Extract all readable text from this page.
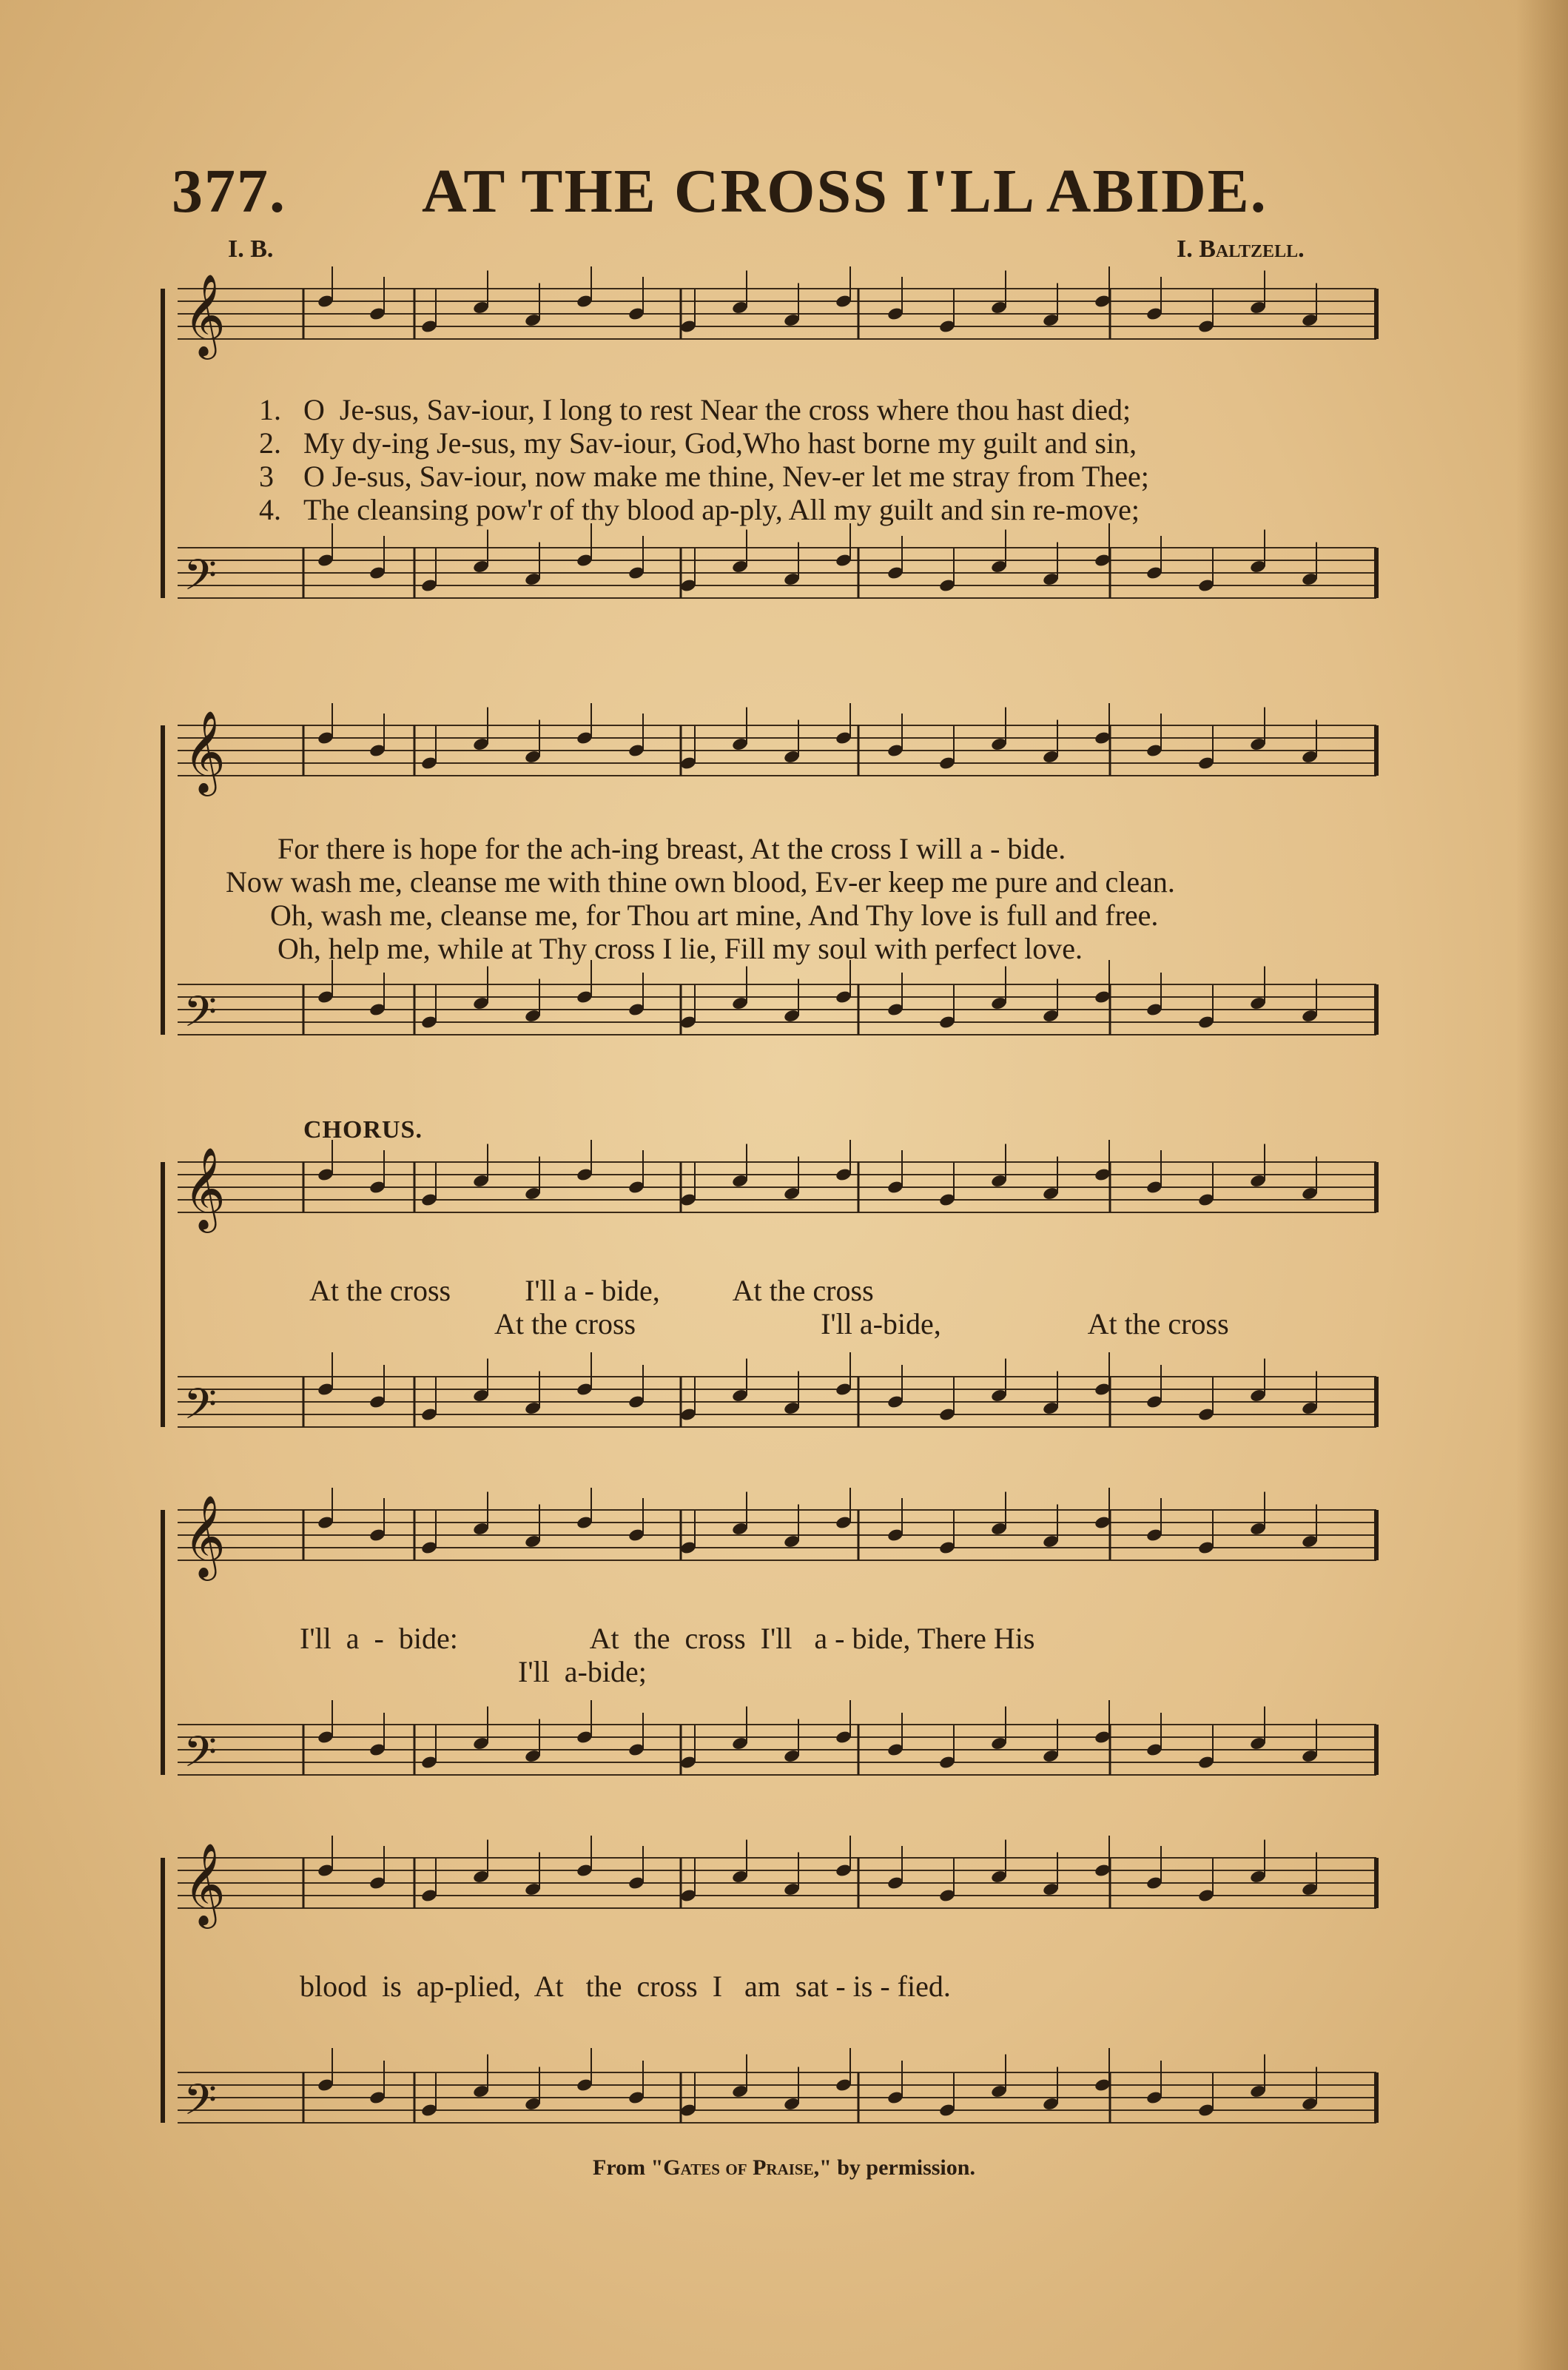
377. AT THE CROSS I'LL ABIDE.
I. B.	I. Baltzell.
𝄞
𝄢
1. O  Je-sus, Sav-iour, I long to rest Near the cross where thou hast died;
2. My dy-ing Je-sus, my Sav-iour, God,Who hast borne my guilt and sin,
3 O Je-sus, Sav-iour, now make me thine, Nev-er let me stray from Thee;
4. The cleansing pow'r of thy blood ap-ply, All my guilt and sin re-move;
𝄞
𝄢
For there is hope for the ach-ing breast, At the cross I will a - bide.
Now wash me, cleanse me with thine own blood, Ev-er keep me pure and clean.
Oh, wash me, cleanse me, for Thou art mine, And Thy love is full and free.
Oh, help me, while at Thy cross I lie, Fill my soul with perfect love.
CHORUS.
𝄞
𝄢
At the cross          I'll a - bide,          At the cross
At the cross                         I'll a-bide,                    At the cross
𝄞
𝄢
I'll  a  -  bide:                  At  the  cross  I'll   a - bide, There His
I'll  a-bide;
𝄞
𝄢
blood  is  ap-plied,  At   the  cross  I   am  sat - is - fied.
From "Gates of Praise," by permission.
